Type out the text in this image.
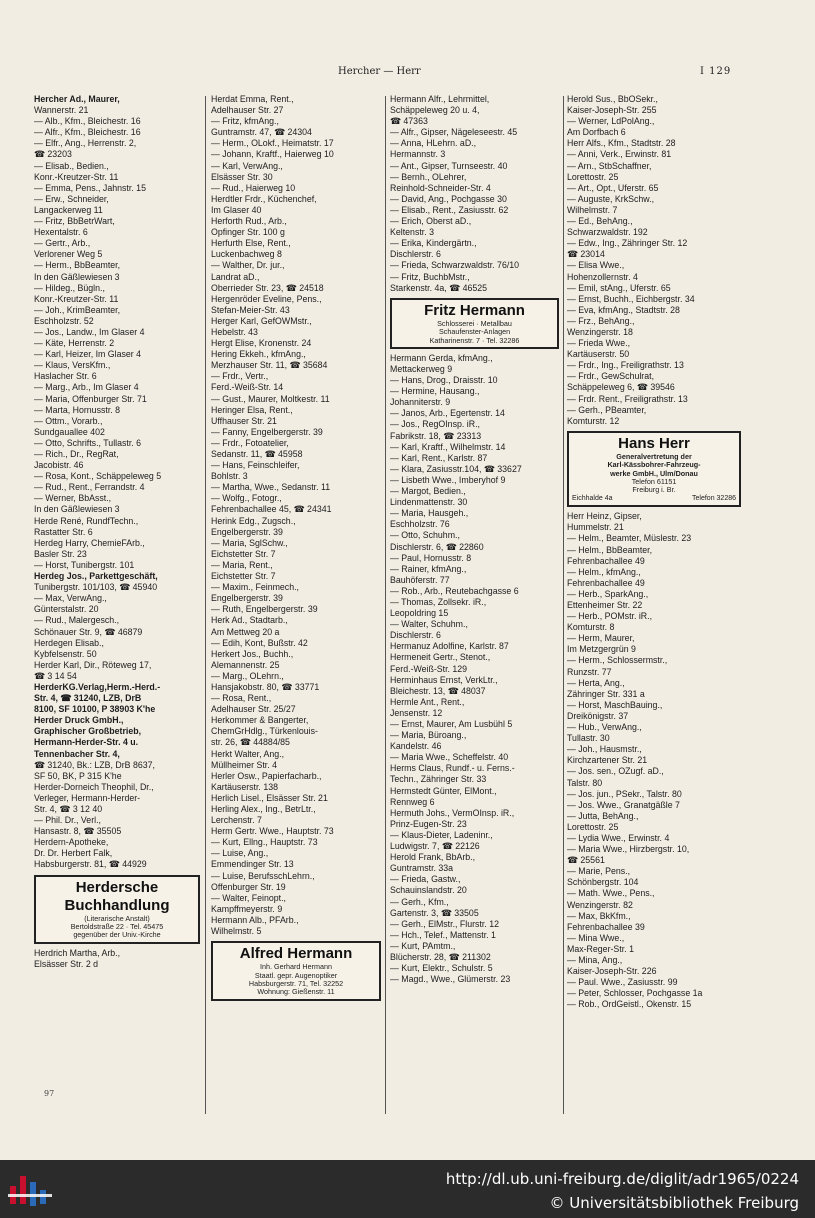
Hercher — Herr	I 129
Hercher Ad., Maurer,
Wannerstr. 21
— Alb., Kfm., Bleichestr. 16
— Alfr., Kfm., Bleichestr. 16
— Elfr., Ang., Herrenstr. 2,
☎ 23203
— Elisab., Bedien.,
Konr.-Kreutzer-Str. 11
— Emma, Pens., Jahnstr. 15
— Erw., Schneider,
Langackerweg 11
— Fritz, BbBetrWart,
Hexentalstr. 6
— Gertr., Arb.,
Verlorener Weg 5
— Herm., BbBeamter,
In den Gäßlewiesen 3
— Hildeg., Bügln.,
Konr.-Kreutzer-Str. 11
— Joh., KrimBeamter,
Eschholzstr. 52
— Jos., Landw., Im Glaser 4
— Käte, Herrenstr. 2
— Karl, Heizer, Im Glaser 4
— Klaus, VersKfm.,
Haslacher Str. 6
— Marg., Arb., Im Glaser 4
— Maria, Offenburger Str. 71
— Marta, Hornusstr. 8
— Ottm., Vorarb.,
Sundgauallee 402
— Otto, Schrifts., Tullastr. 6
— Rich., Dr., RegRat,
Jacobistr. 46
— Rosa, Kont., Schäppeleweg 5
— Rud., Rent., Ferrandstr. 4
— Werner, BbAsst.,
In den Gäßlewiesen 3
Herde René, RundfTechn.,
Rastatter Str. 6
Herdeg Harry, ChemieFArb.,
Basler Str. 23
— Horst, Tunibergstr. 101
Herdeg Jos., Parkettgeschäft,
Tunibergstr. 101/103, ☎ 45940
— Max, VerwAng.,
Günterstalstr. 20
— Rud., Malergesch.,
Schönauer Str. 9, ☎ 46879
Herdegen Elisab.,
Kybfelsenstr. 50
Herder Karl, Dir., Röteweg 17,
☎ 3 14 54
HerderKG.Verlag,Herm.-Herd.-
Str. 4, ☎ 31240, LZB, DrB
8100, SF 10100, P 38903 K'he
Herder Druck GmbH.,
Graphischer Großbetrieb,
Hermann-Herder-Str. 4 u.
Tennenbacher Str. 4,
☎ 31240, Bk.: LZB, DrB 8637,
SF 50, BK, P 315 K'he
Herder-Dorneich Theophil, Dr.,
Verleger, Hermann-Herder-
Str. 4, ☎ 3 12 40
— Phil. Dr., Verl.,
Hansastr. 8, ☎ 35505
Herdern-Apotheke,
Dr. Dr. Herbert Falk,
Habsburgerstr. 81, ☎ 44929
Herdersche Buchhandlung
(Literarische Anstalt)
Bertoldstraße 22 · Tel. 45475
gegenüber der Univ.-Kirche
Herdrich Martha, Arb.,
Elsässer Str. 2 d
Herdat Emma, Rent.,
Adelhauser Str. 27
— Fritz, kfmAng.,
Guntramstr. 47, ☎ 24304
— Herm., OLokf., Heimatstr. 17
— Johann, Kraftf., Haierweg 10
— Karl, VerwAng.,
Elsässer Str. 30
— Rud., Haierweg 10
Herdtler Frdr., Küchenchef,
Im Glaser 40
Herforth Rud., Arb.,
Opfinger Str. 100 g
Herfurth Else, Rent.,
Luckenbachweg 8
— Walther, Dr. jur.,
Landrat aD.,
Oberrieder Str. 23, ☎ 24518
Hergenröder Eveline, Pens.,
Stefan-Meier-Str. 43
Herger Karl, GefOWMstr.,
Hebelstr. 43
Hergt Elise, Kronenstr. 24
Hering Ekkeh., kfmAng.,
Merzhauser Str. 11, ☎ 35684
— Frdr., Vertr.,
Ferd.-Weiß-Str. 14
— Gust., Maurer, Moltkestr. 11
Heringer Elsa, Rent.,
Uffhauser Str. 21
— Fanny, Engelbergerstr. 39
— Frdr., Fotoatelier,
Sedanstr. 11, ☎ 45958
— Hans, Feinschleifer,
Bohlstr. 3
— Martha, Wwe., Sedanstr. 11
— Wolfg., Fotogr.,
Fehrenbachallee 45, ☎ 24341
Herink Edg., Zugsch.,
Engelbergerstr. 39
— Maria, SglSchw.,
Eichstetter Str. 7
— Maria, Rent.,
Eichstetter Str. 7
— Maxim., Feinmech.,
Engelbergerstr. 39
— Ruth, Engelbergerstr. 39
Herk Ad., Stadtarb.,
Am Mettweg 20 a
— Edih, Kont, Bußstr. 42
Herkert Jos., Buchh.,
Alemannenstr. 25
— Marg., OLehrn.,
Hansjakobstr. 80, ☎ 33771
— Rosa, Rent.,
Adelhauser Str. 25/27
Herkommer & Bangerter,
ChemGrHdlg., Türkenlouis-
str. 26, ☎ 44884/85
Herkt Walter, Ang.,
Müllheimer Str. 4
Herler Osw., Papierfacharb.,
Kartäuserstr. 138
Herlich Lisel., Elsässer Str. 21
Herling Alex., Ing., BetrLtr.,
Lerchenstr. 7
Herm Gertr. Wwe., Hauptstr. 73
— Kurt, Ellng., Hauptstr. 73
— Luise, Ang.,
Emmendinger Str. 13
— Luise, BerufsschLehrn.,
Offenburger Str. 19
— Walter, Feinopt.,
Kampffmeyerstr. 9
Hermann Alb., PFArb.,
Wilhelmstr. 5
Alfred Hermann
Inh. Gerhard Hermann
Staatl. gepr. Augenoptiker
Habsburgerstr. 71, Tel. 32252
Wohnung: Gießenstr. 11
Hermann Alfr., Lehrmittel,
Schäppeleweg 20 u. 4,
☎ 47363
— Alfr., Gipser, Nägeleseestr. 45
— Anna, HLehrn. aD.,
Hermannstr. 3
— Ant., Gipser, Turnseestr. 40
— Bernh., OLehrer,
Reinhold-Schneider-Str. 4
— David, Ang., Pochgasse 30
— Elisab., Rent., Zasiusstr. 62
— Erich, Oberst aD.,
Keltenstr. 3
— Erika, Kindergärtn.,
Dischlerstr. 6
— Frieda, Schwarzwaldstr. 76/10
— Fritz, BuchbMstr.,
Starkenstr. 4a, ☎ 46525
Fritz Hermann
Schlosserei · Metallbau
Schaufenster-Anlagen
Katharinenstr. 7 · Tel. 32286
Hermann Gerda, kfmAng.,
Mettackerweg 9
— Hans, Drog., Draisstr. 10
— Hermine, Hausang.,
Johanniterstr. 9
— Janos, Arb., Egertenstr. 14
— Jos., RegOInsp. iR.,
Fabrikstr. 18, ☎ 23313
— Karl, Kraftf., Wilhelmstr. 14
— Karl, Rent., Karlstr. 87
— Klara, Zasiusstr.104, ☎ 33627
— Lisbeth Wwe., Imberyhof 9
— Margot, Bedien.,
Lindenmattenstr. 30
— Maria, Hausgeh.,
Eschholzstr. 76
— Otto, Schuhm.,
Dischlerstr. 6, ☎ 22860
— Paul, Hornusstr. 8
— Rainer, kfmAng.,
Bauhöferstr. 77
— Rob., Arb., Reutebachgasse 6
— Thomas, Zollsekr. iR.,
Leopoldring 15
— Walter, Schuhm.,
Dischlerstr. 6
Hermanuz Adolfine, Karlstr. 87
Hermeneit Gertr., Stenot.,
Ferd.-Weiß-Str. 129
Herminhaus Ernst, VerkLtr.,
Bleichestr. 13, ☎ 48037
Hermle Ant., Rent.,
Jensenstr. 12
— Ernst, Maurer, Am Lusbühl 5
— Maria, Büroang.,
Kandelstr. 46
— Maria Wwe., Scheffelstr. 40
Herms Claus, Rundf.- u. Ferns.-
Techn., Zähringer Str. 33
Hermstedt Günter, ElMont.,
Rennweg 6
Hermuth Johs., VermOInsp. iR.,
Prinz-Eugen-Str. 23
— Klaus-Dieter, Ladeninr.,
Ludwigstr. 7, ☎ 22126
Herold Frank, BbArb.,
Guntramstr. 33a
— Frieda, Gastw.,
Schauinslandstr. 20
— Gerh., Kfm.,
Gartenstr. 3, ☎ 33505
— Gerh., ElMstr., Flurstr. 12
— Hch., Telef., Mattenstr. 1
— Kurt, PAmtm.,
Blücherstr. 28, ☎ 211302
— Kurt, Elektr., Schulstr. 5
— Magd., Wwe., Glümerstr. 23
Herold Sus., BbOSekr.,
Kaiser-Joseph-Str. 255
— Werner, LdPolAng.,
Am Dorfbach 6
Herr Alfs., Kfm., Stadtstr. 28
— Anni, Verk., Erwinstr. 81
— Arn., StbSchaffner,
Lorettostr. 25
— Art., Opt., Uferstr. 65
— Auguste, KrkSchw.,
Wilhelmstr. 7
— Ed., BehAng.,
Schwarzwaldstr. 192
— Edw., Ing., Zähringer Str. 12
☎ 23014
— Elisa Wwe.,
Hohenzollernstr. 4
— Emil, stAng., Uferstr. 65
— Ernst, Buchh., Eichbergstr. 34
— Eva, kfmAng., Stadtstr. 28
— Frz., BehAng.,
Wenzingerstr. 18
— Frieda Wwe.,
Kartäuserstr. 50
— Frdr., Ing., Freiligrathstr. 13
— Frdr., GewSchulrat,
Schäppeleweg 6, ☎ 39546
— Frdr. Rent., Freiligrathstr. 13
— Gerh., PBeamter,
Komturstr. 12
Hans Herr
Generalvertretung der
Karl-Kässbohrer-Fahrzeug-
werke GmbH., Ulm/Donau
Telefon 61151
Freiburg i. Br.
Eichhalde 4a	Telefon 32286
Herr Heinz, Gipser,
Hummelstr. 21
— Helm., Beamter, Müslestr. 23
— Helm., BbBeamter,
Fehrenbachallee 49
— Helm., kfmAng.,
Fehrenbachallee 49
— Herb., SparkAng.,
Ettenheimer Str. 22
— Herb., POMstr. iR.,
Komturstr. 8
— Herm, Maurer,
Im Metzgergrün 9
— Herm., Schlossermstr.,
Runzstr. 77
— Herta, Ang.,
Zähringer Str. 331 a
— Horst, MaschBauing.,
Dreikönigstr. 37
— Hub., VerwAng.,
Tullastr. 30
— Joh., Hausmstr.,
Kirchzartener Str. 21
— Jos. sen., OZugf. aD.,
Talstr. 80
— Jos. jun., PSekr., Talstr. 80
— Jos. Wwe., Granatgäßle 7
— Jutta, BehAng.,
Lorettostr. 25
— Lydia Wwe., Erwinstr. 4
— Maria Wwe., Hirzbergstr. 10,
☎ 25561
— Marie, Pens.,
Schönbergstr. 104
— Math. Wwe., Pens.,
Wenzingerstr. 82
— Max, BkKfm.,
Fehrenbachallee 39
— Mina Wwe.,
Max-Reger-Str. 1
— Mina, Ang.,
Kaiser-Joseph-Str. 226
— Paul. Wwe., Zasiusstr. 99
— Peter, Schlosser, Pochgasse 1a
— Rob., OrdGeistl., Okenstr. 15
97
http://dl.ub.uni-freiburg.de/diglit/adr1965/0224
© Universitätsbibliothek Freiburg
